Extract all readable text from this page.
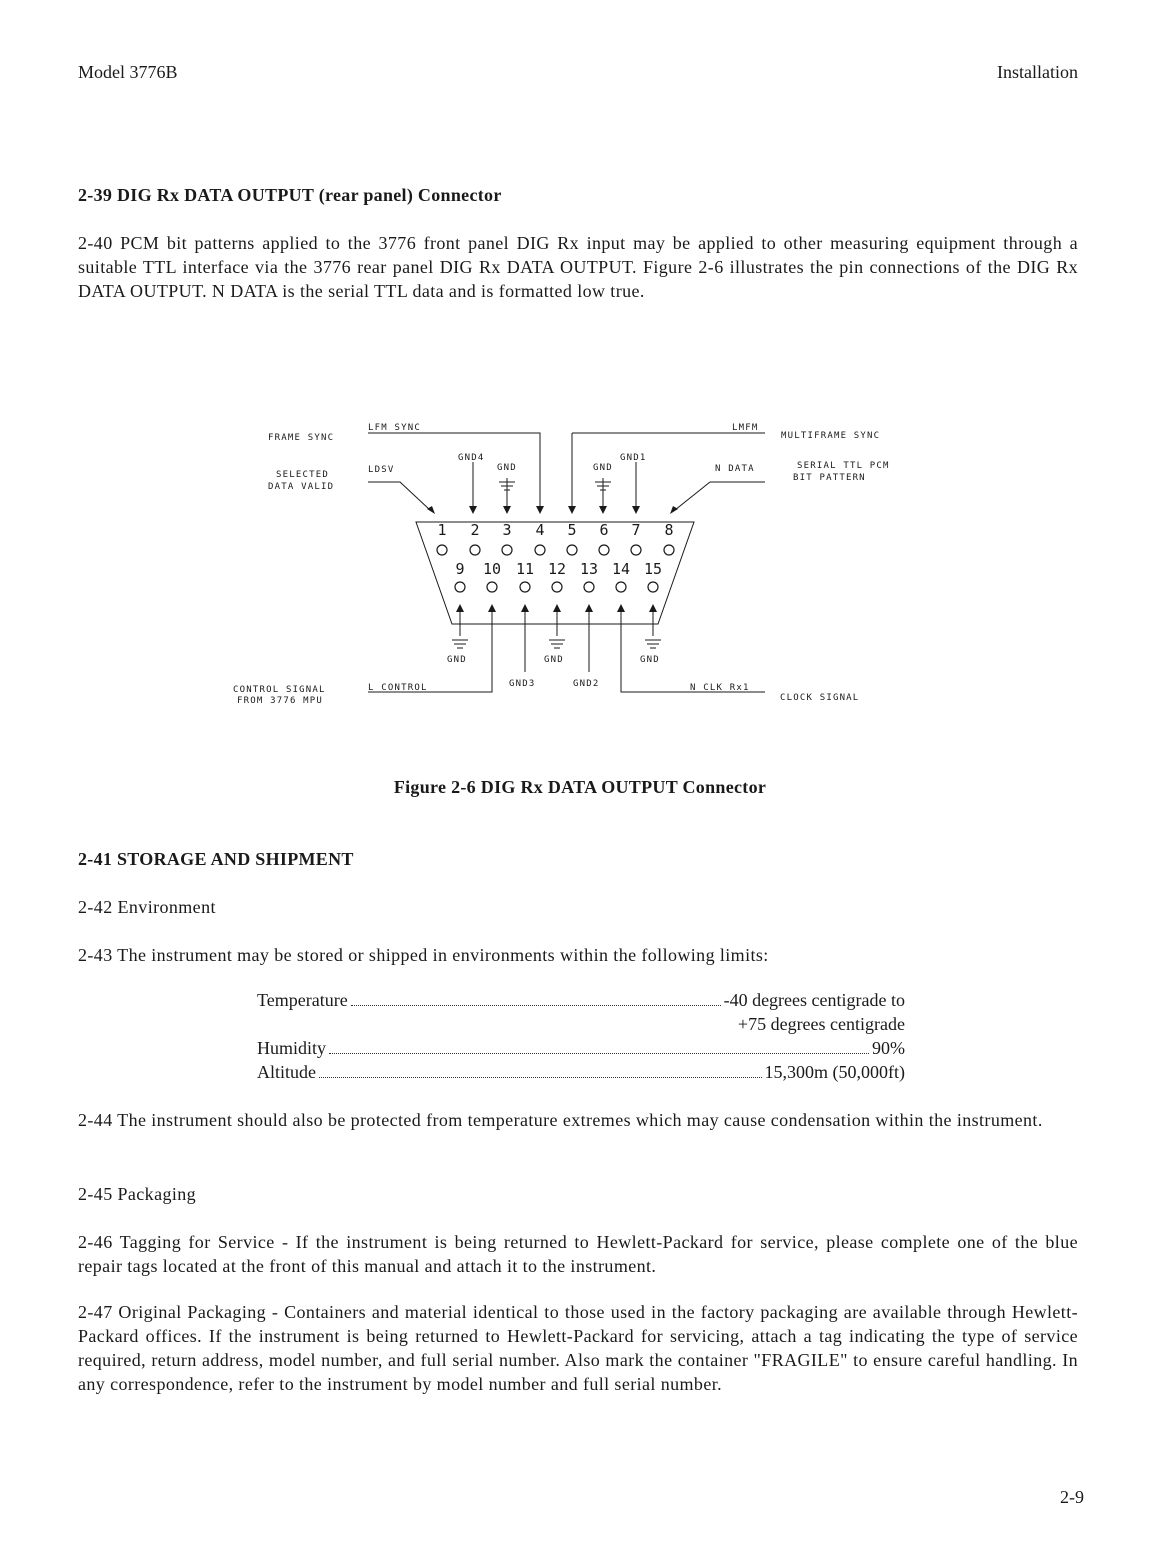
Model 3776B	Installation
2-39 DIG Rx DATA OUTPUT (rear panel) Connector
2-40 PCM bit patterns applied to the 3776 front panel DIG Rx input may be applied to other measuring equipment through a suitable TTL interface via the 3776 rear panel DIG Rx DATA OUTPUT. Figure 2-6 illustrates the pin connections of the DIG Rx DATA OUTPUT. N DATA is the serial TTL data and is formatted low true.
1 2 3 4 5 6 7 8
9 10 11 12 13 14 15
FRAME SYNC
LFM SYNC
SELECTED
DATA VALID
LDSV
GND4
GND	GND
GND1
LMFM
MULTIFRAME SYNC
N DATA	SERIAL TTL PCM
BIT PATTERN
GND	GND	GND
GND3	GND2
CONTROL SIGNAL
FROM 3776 MPU
L CONTROL	N CLK Rx1
CLOCK SIGNAL
Figure 2-6 DIG Rx DATA OUTPUT Connector
2-41 STORAGE AND SHIPMENT
2-42 Environment
2-43 The instrument may be stored or shipped in environments within the following limits:
Temperature	-40 degrees centigrade to
+75 degrees centigrade
Humidity	90%
Altitude	15,300m (50,000ft)
2-44 The instrument should also be protected from temperature extremes which may cause condensation within the instrument.
2-45 Packaging
2-46 Tagging for Service - If the instrument is being returned to Hewlett-Packard for service, please complete one of the blue repair tags located at the front of this manual and attach it to the instrument.
2-47 Original Packaging - Containers and material identical to those used in the factory packaging are available through Hewlett-Packard offices. If the instrument is being returned to Hewlett-Packard for servicing, attach a tag indicating the type of service required, return address, model number, and full serial number. Also mark the container "FRAGILE" to ensure careful handling. In any correspondence, refer to the instrument by model number and full serial number.
2-9
